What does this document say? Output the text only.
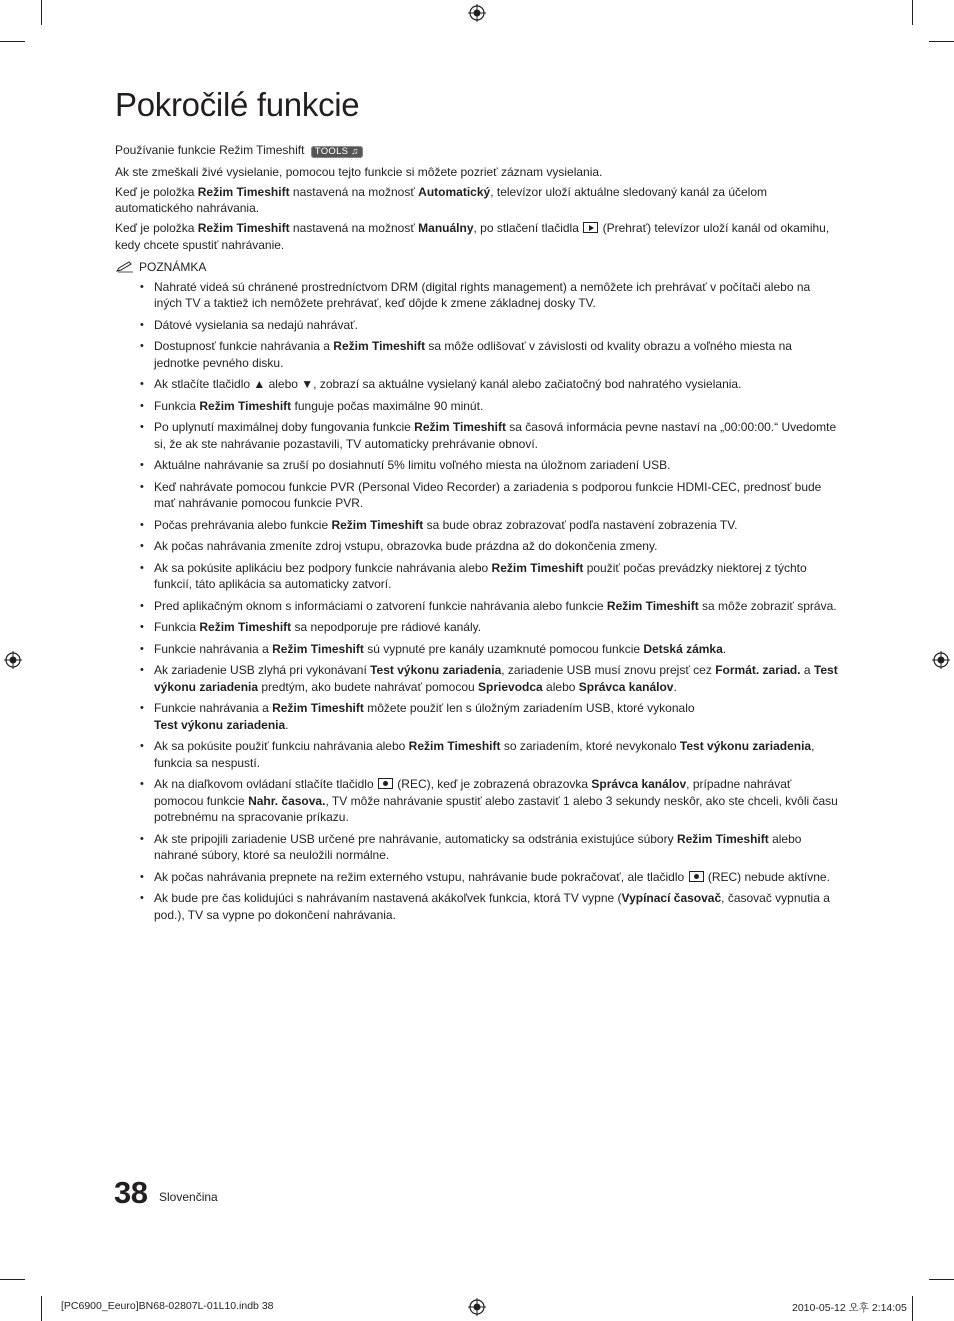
Pokročilé funkcie
Používanie funkcie Režim Timeshift TOOLS ♫

Ak ste zmeškali živé vysielanie, pomocou tejto funkcie si môžete pozrieť záznam vysielania.

Keď je položka Režim Timeshift nastavená na možnosť Automatický, televízor uloží aktuálne sledovaný kanál za účelom automatického nahrávania.

Keď je položka Režim Timeshift nastavená na možnosť Manuálny, po stlačení tlačidla  (Prehrať) televízor uloží kanál od okamihu, kedy chcete spustiť nahrávanie.

POZNÁMKA
• Nahraté videá sú chránené prostredníctvom DRM (digital rights management) a nemôžete ich prehrávať v počítači alebo na iných TV a taktiež ich nemôžete prehrávať, keď dôjde k zmene základnej dosky TV.
• Dátové vysielania sa nedajú nahrávať.
• Dostupnosť funkcie nahrávania a Režim Timeshift sa môže odlišovať v závislosti od kvality obrazu a voľného miesta na jednotke pevného disku.
• Ak stlačíte tlačidlo ▲ alebo ▼, zobrazí sa aktuálne vysielaný kanál alebo začiatočný bod nahratého vysielania.
• Funkcia Režim Timeshift funguje počas maximálne 90 minút.
• Po uplynutí maximálnej doby fungovania funkcie Režim Timeshift sa časová informácia pevne nastaví na „00:00:00.“ Uvedomte si, že ak ste nahrávanie pozastavili, TV automaticky prehrávanie obnoví.
• Aktuálne nahrávanie sa zruší po dosiahnutí 5% limitu voľného miesta na úložnom zariadení USB.
• Keď nahrávate pomocou funkcie PVR (Personal Video Recorder) a zariadenia s podporou funkcie HDMI-CEC, prednosť bude mať nahrávanie pomocou funkcie PVR.
• Počas prehrávania alebo funkcie Režim Timeshift sa bude obraz zobrazovať podľa nastavení zobrazenia TV.
• Ak počas nahrávania zmeníte zdroj vstupu, obrazovka bude prázdna až do dokončenia zmeny.
• Ak sa pokúsite aplikáciu bez podpory funkcie nahrávania alebo Režim Timeshift použiť počas prevádzky niektorej z týchto funkcií, táto aplikácia sa automaticky zatvorí.
• Pred aplikačným oknom s informáciami o zatvorení funkcie nahrávania alebo funkcie Režim Timeshift sa môže zobraziť správa.
• Funkcia Režim Timeshift sa nepodporuje pre rádiové kanály.
• Funkcie nahrávania a Režim Timeshift sú vypnuté pre kanály uzamknuté pomocou funkcie Detská zámka.
• Ak zariadenie USB zlyhá pri vykonávaní Test výkonu zariadenia, zariadenie USB musí znovu prejsť cez Formát. zariad. a Test výkonu zariadenia predtým, ako budete nahrávať pomocou Sprievodca alebo Správca kanálov.
• Funkcie nahrávania a Režim Timeshift môžete použiť len s úložným zariadením USB, ktoré vykonalo
Test výkonu zariadenia.
• Ak sa pokúsite použiť funkciu nahrávania alebo Režim Timeshift so zariadením, ktoré nevykonalo Test výkonu zariadenia, funkcia sa nespustí.
• Ak na diaľkovom ovládaní stlačíte tlačidlo  (REC), keď je zobrazená obrazovka Správca kanálov, prípadne nahrávať pomocou funkcie Nahr. časova., TV môže nahrávanie spustiť alebo zastaviť 1 alebo 3 sekundy neskôr, ako ste chceli, kvôli času potrebnému na spracovanie príkazu.
• Ak ste pripojili zariadenie USB určené pre nahrávanie, automaticky sa odstránia existujúce súbory Režim Timeshift alebo nahrané súbory, ktoré sa neuložili normálne.
• Ak počas nahrávania prepnete na režim externého vstupu, nahrávanie bude pokračovať, ale tlačidlo  (REC) nebude aktívne.
• Ak bude pre čas kolidujúci s nahrávaním nastavená akákoľvek funkcia, ktorá TV vypne (Vypínací časovač, časovač vypnutia a pod.), TV sa vypne po dokončení nahrávania.
38 Slovenčina
[PC6900_Eeuro]BN68-02807L-01L10.indb 38	2010-05-12 오후 2:14:05
